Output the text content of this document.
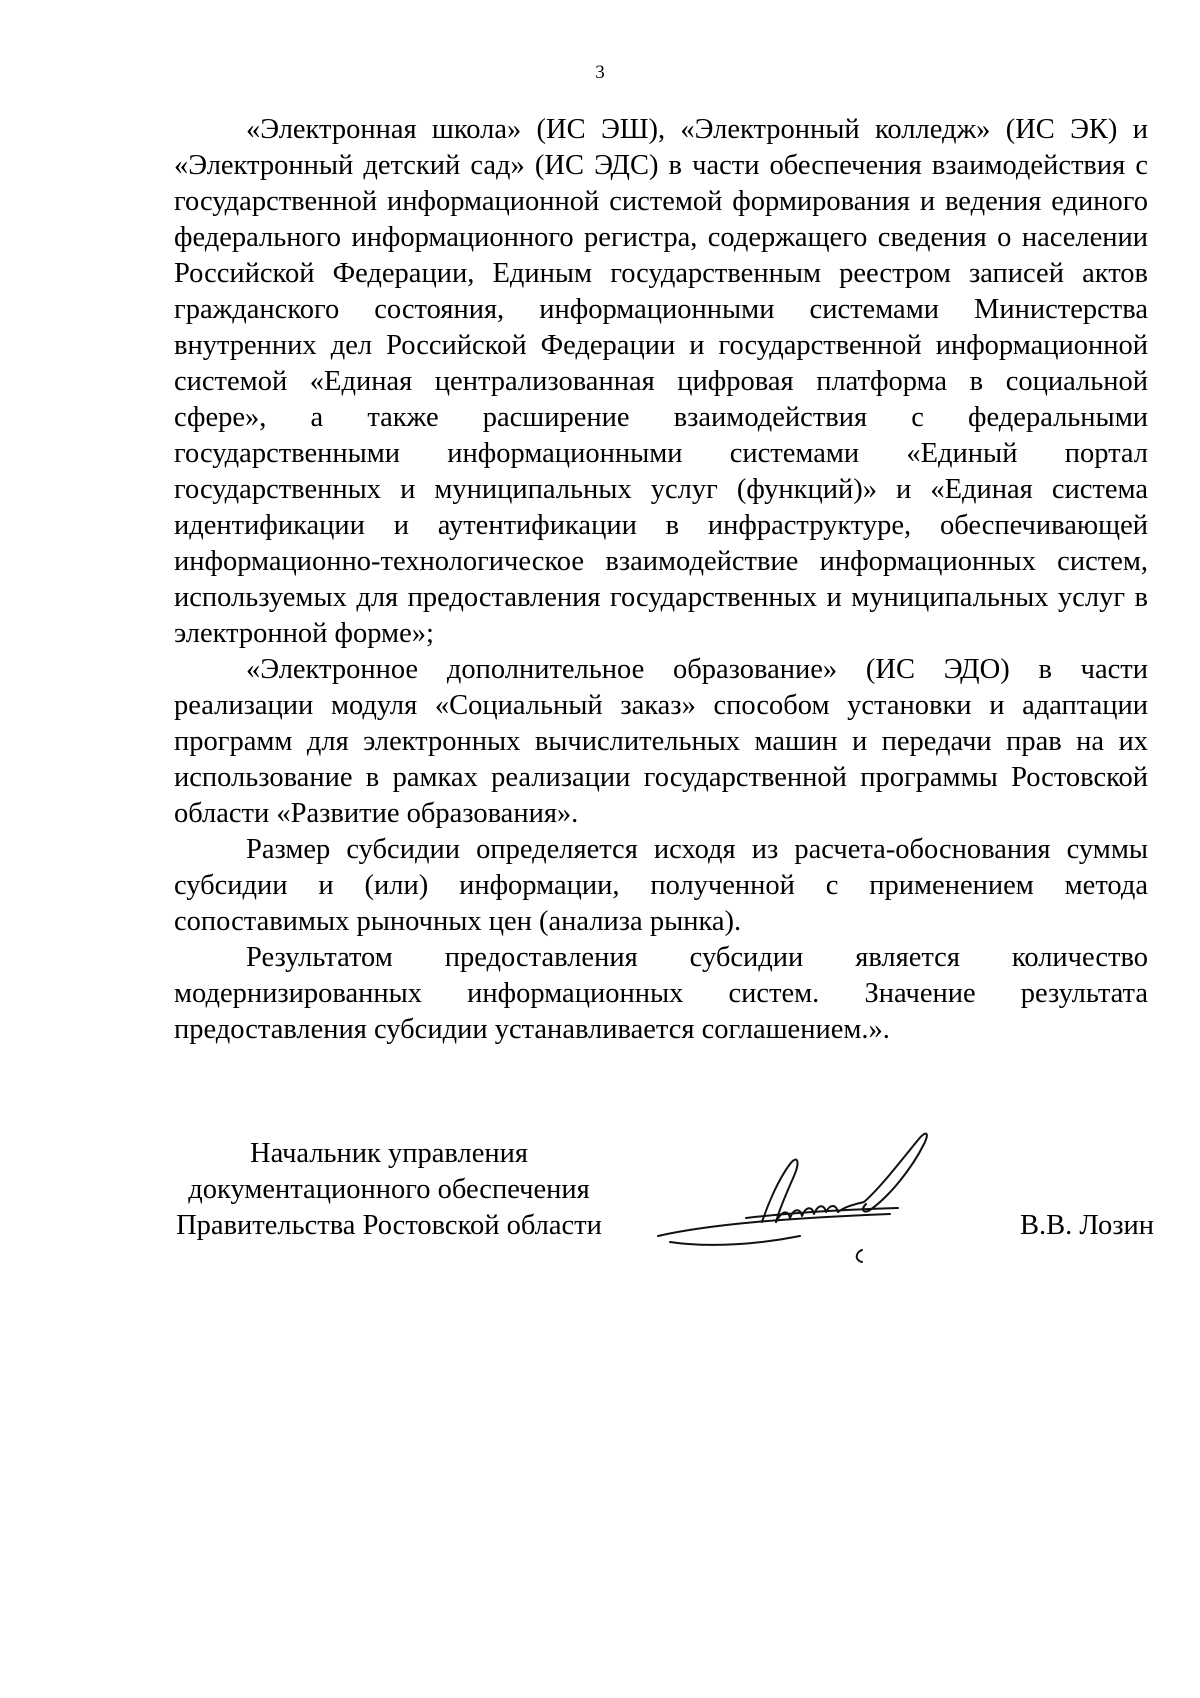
3

«Электронная школа» (ИС ЭШ), «Электронный колледж» (ИС ЭК) и «Электронный детский сад» (ИС ЭДС) в части обеспечения взаимодействия с государственной информационной системой формирования и ведения единого федерального информационного регистра, содержащего сведения о населении Российской Федерации, Единым государственным реестром записей актов гражданского состояния, информационными системами Министерства внутренних дел Российской Федерации и государственной информационной системой «Единая централизованная цифровая платформа в социальной сфере», а также расширение взаимодействия с федеральными государственными информационными системами «Единый портал государственных и муниципальных услуг (функций)» и «Единая система идентификации и аутентификации в инфраструктуре, обеспечивающей информационно-технологическое взаимодействие информационных систем, используемых для предоставления государственных и муниципальных услуг в электронной форме»;

«Электронное дополнительное образование» (ИС ЭДО) в части реализации модуля «Социальный заказ» способом установки и адаптации программ для электронных вычислительных машин и передачи прав на их использование в рамках реализации государственной программы Ростовской области «Развитие образования».

Размер субсидии определяется исходя из расчета-обоснования суммы субсидии и (или) информации, полученной с применением метода сопоставимых рыночных цен (анализа рынка).

Результатом предоставления субсидии является количество модернизированных информационных систем. Значение результата предоставления субсидии устанавливается соглашением.».

Начальник управления
документационного обеспечения
Правительства Ростовской области	В.В. Лозин
